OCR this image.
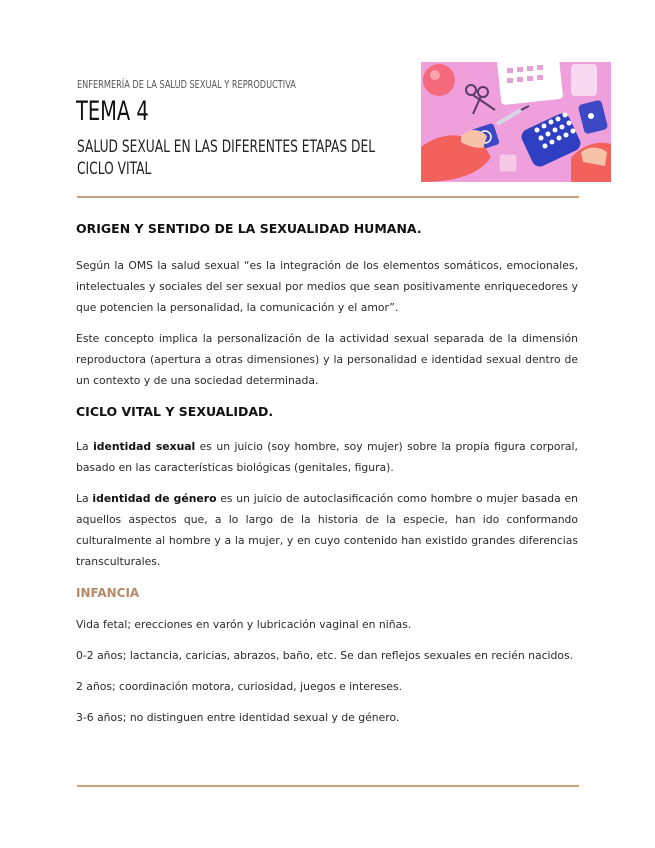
ENFERMERÍA DE LA SALUD SEXUAL Y REPRODUCTIVA
TEMA 4
SALUD SEXUAL EN LAS DIFERENTES ETAPAS DEL CICLO VITAL
ORIGEN Y SENTIDO DE LA SEXUALIDAD HUMANA.

Según la OMS la salud sexual “es la integración de los elementos somáticos, emocionales, intelectuales y sociales del ser sexual por medios que sean positivamente enriquecedores y que potencien la personalidad, la comunicación y el amor”.

Este concepto implica la personalización de la actividad sexual separada de la dimensión reproductora (apertura a otras dimensiones) y la personalidad e identidad sexual dentro de un contexto y de una sociedad determinada.

CICLO VITAL Y SEXUALIDAD.

La identidad sexual es un juicio (soy hombre, soy mujer) sobre la propia figura corporal, basado en las características biológicas (genitales, figura).

La identidad de género es un juicio de autoclasificación como hombre o mujer basada en aquellos aspectos que, a lo largo de la historia de la especie, han ido conformando culturalmente al hombre y a la mujer, y en cuyo contenido han existido grandes diferencias transculturales.

INFANCIA

Vida fetal; erecciones en varón y lubricación vaginal en niñas.

0-2 años; lactancia, caricias, abrazos, baño, etc. Se dan reflejos sexuales en recién nacidos.

2 años; coordinación motora, curiosidad, juegos e intereses.

3-6 años; no distinguen entre identidad sexual y de género.
